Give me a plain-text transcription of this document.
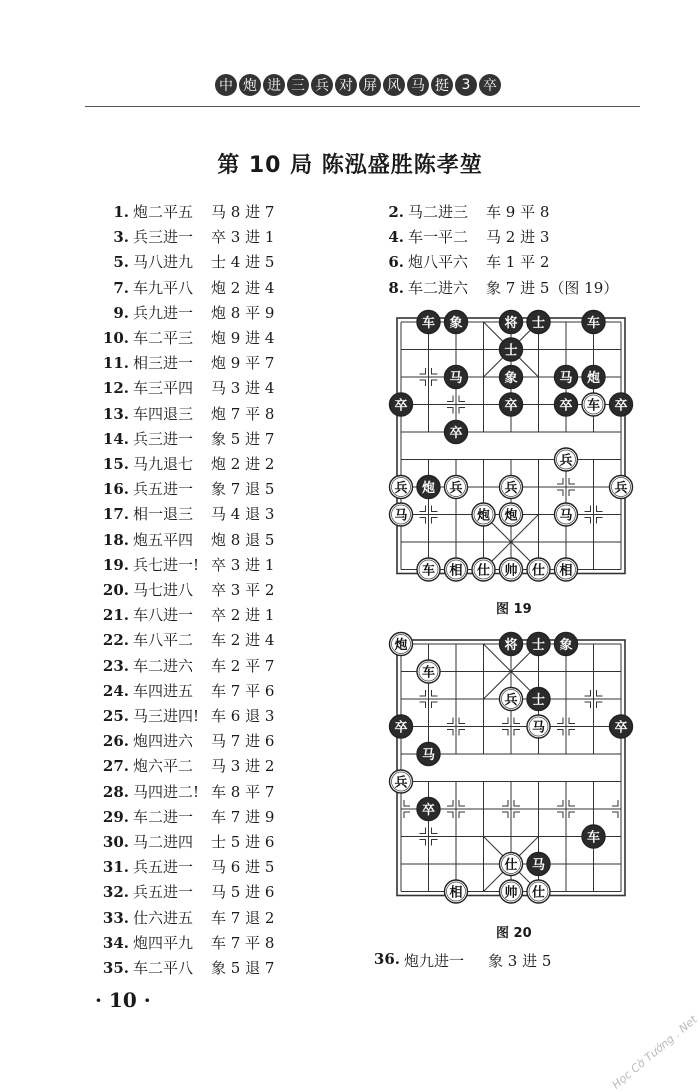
中 炮 进 三 兵 对 屏 风 马 挺 3 卒
第 10 局 陈泓盛胜陈孝堃
1. 炮二平五	马 8 进 7
3. 兵三进一	卒 3 进 1
5. 马八进九	士 4 进 5
7. 车九平八	炮 2 进 4
9. 兵九进一	炮 8 平 9
10. 车二平三	炮 9 进 4
11. 相三进一	炮 9 平 7
12. 车三平四	马 3 进 4
13. 车四退三	炮 7 平 8
14. 兵三进一	象 5 进 7
15. 马九退七	炮 2 进 2
16. 兵五进一	象 7 退 5
17. 相一退三	马 4 退 3
18. 炮五平四	炮 8 退 5
19. 兵七进一! 卒 3 进 1
20. 马七进八	卒 3 平 2
21. 车八进一	卒 2 进 1
22. 车八平二	车 2 进 4
23. 车二进六	车 2 平 7
24. 车四进五	车 7 平 6
25. 马三进四! 车 6 退 3
26. 炮四进六	马 7 进 6
27. 炮六平二	马 3 进 2
28. 马四进二! 车 8 平 7
29. 车二进一	车 7 进 9
30. 马二进四	士 5 进 6
31. 兵五进一	马 6 进 5
32. 兵五进一	马 5 进 6
33. 仕六进五	车 7 退 2
34. 炮四平九	车 7 平 8
35. 车二平八	象 5 退 7
2. 马二进三	车 9 平 8
4. 车一平二	马 2 进 3
6. 炮八平六	车 1 平 2
8. 车二进六	象 7 进 5（图 19）
车 象	将 士	车
士
马	象	马 炮
卒	卒	卒 车 卒
卒
兵
兵 炮 兵	兵	兵
马	炮 炮	马
车 相 仕 帅 仕 相
图 19
炮	将 士 象
车
兵 士
卒	马	卒
马
兵
卒
车
仕 马
相	帅 仕
图 20
36. 炮九进一	象 3 进 5
· 10 ·
Học Cờ Tướng . Net
